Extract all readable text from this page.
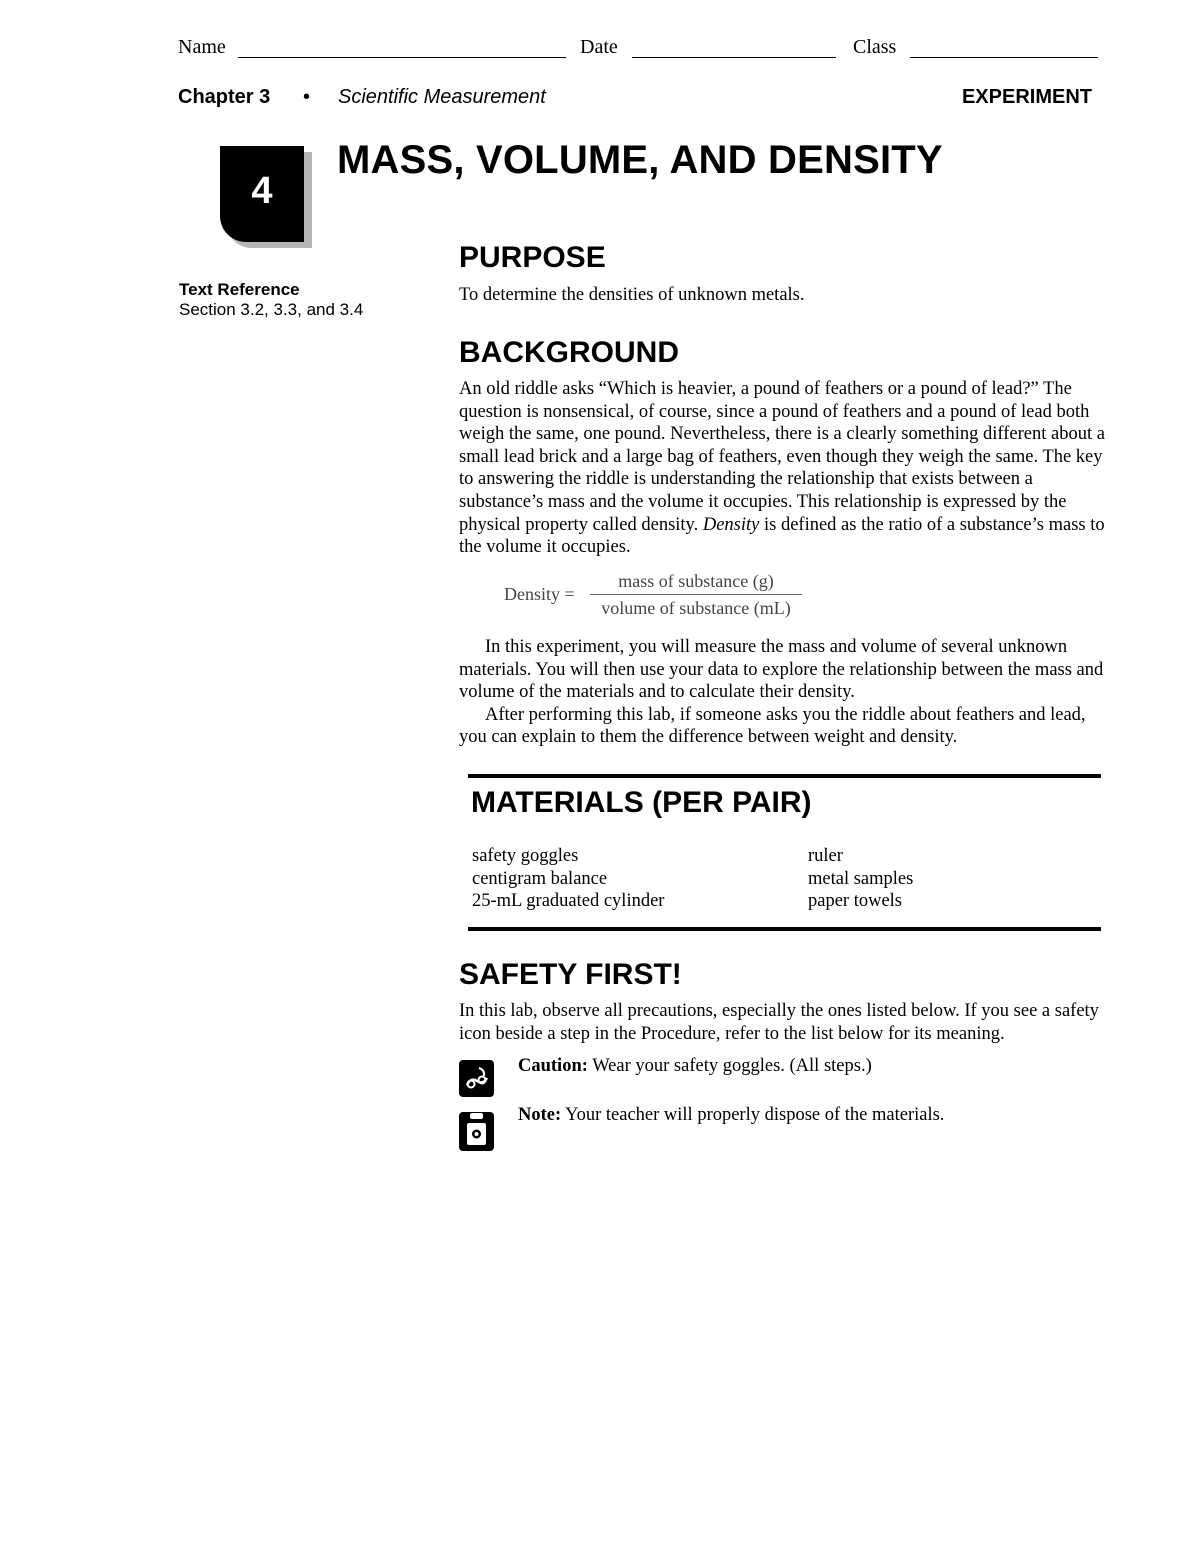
Name	Date	Class
Chapter 3 • Scientific Measurement	EXPERIMENT
4
MASS, VOLUME, AND DENSITY
Text Reference
Section 3.2, 3.3, and 3.4
PURPOSE
To determine the densities of unknown metals.
BACKGROUND

An old riddle asks “Which is heavier, a pound of feathers or a pound of lead?” The question is nonsensical, of course, since a pound of feathers and a pound of lead both weigh the same, one pound. Nevertheless, there is a clearly something different about a small lead brick and a large bag of feathers, even though they weigh the same. The key to answering the riddle is understanding the relationship that exists between a substance’s mass and the volume it occupies. This relationship is expressed by the physical property called density. Density is defined as the ratio of a substance’s mass to the volume it occupies.

Density =
mass of substance (g)
volume of substance (mL)

In this experiment, you will measure the mass and volume of several unknown materials. You will then use your data to explore the relationship between the mass and volume of the materials and to calculate their density.

After performing this lab, if someone asks you the riddle about feathers and lead, you can explain to them the difference between weight and density.

MATERIALS (PER PAIR)
safety goggles
centigram balance
25-mL graduated cylinder
ruler
metal samples
paper towels
SAFETY FIRST!
In this lab, observe all precautions, especially the ones listed below. If you see a safety icon beside a step in the Procedure, refer to the list below for its meaning.
Caution: Wear your safety goggles. (All steps.)
Note: Your teacher will properly dispose of the materials.
